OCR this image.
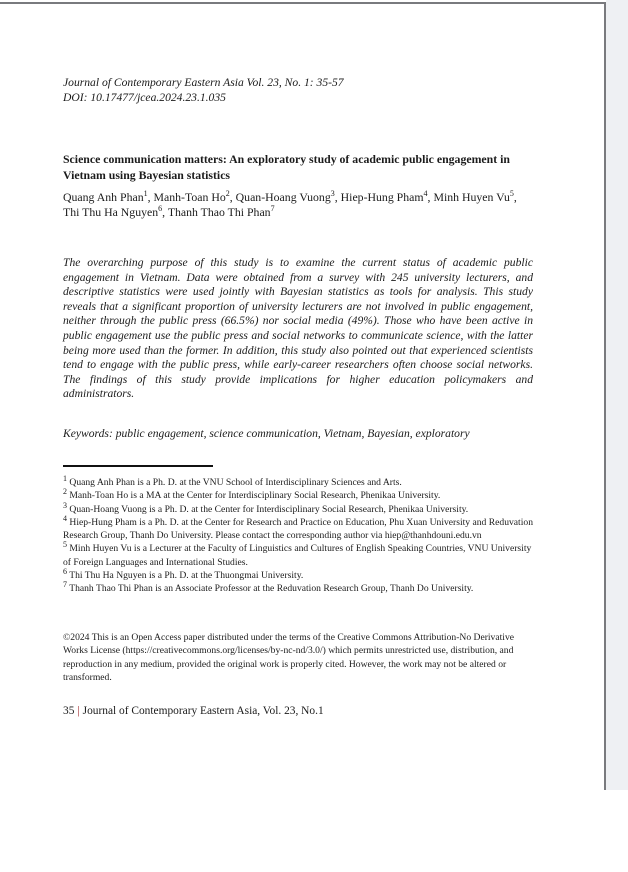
Journal of Contemporary Eastern Asia Vol. 23, No. 1: 35-57
DOI: 10.17477/jcea.2024.23.1.035
Science communication matters: An exploratory study of academic public engagement in Vietnam using Bayesian statistics
Quang Anh Phan$^1$, Manh-Toan Ho$^2$, Quan-Hoang Vuong$^3$, Hiep-Hung Pham$^4$, Minh Huyen Vu$^5$, Thi Thu Ha Nguyen$^6$, Thanh Thao Thi Phan$^7$
The overarching purpose of this study is to examine the current status of academic public engagement in Vietnam. Data were obtained from a survey with 245 university lecturers, and descriptive statistics were used jointly with Bayesian statistics as tools for analysis. This study reveals that a significant proportion of university lecturers are not involved in public engagement, neither through the public press (66.5%) nor social media (49%). Those who have been active in public engagement use the public press and social networks to communicate science, with the latter being more used than the former. In addition, this study also pointed out that experienced scientists tend to engage with the public press, while early-career researchers often choose social networks. The findings of this study provide implications for higher education policymakers and administrators.
Keywords: public engagement, science communication, Vietnam, Bayesian, exploratory
$^1$ Quang Anh Phan is a Ph. D. at the VNU School of Interdisciplinary Sciences and Arts.
$^2$ Manh-Toan Ho is a MA at the Center for Interdisciplinary Social Research, Phenikaa University.
$^3$ Quan-Hoang Vuong is a Ph. D. at the Center for Interdisciplinary Social Research, Phenikaa University.
$^4$ Hiep-Hung Pham is a Ph. D. at the Center for Research and Practice on Education, Phu Xuan University and Reduvation Research Group, Thanh Do University. Please contact the corresponding author via hiep@thanhdouni.edu.vn
$^5$ Minh Huyen Vu is a Lecturer at the Faculty of Linguistics and Cultures of English Speaking Countries, VNU University of Foreign Languages and International Studies.
$^6$ Thi Thu Ha Nguyen is a Ph. D. at the Thuongmai University.
$^7$ Thanh Thao Thi Phan is an Associate Professor at the Reduvation Research Group, Thanh Do University.
©2024 This is an Open Access paper distributed under the terms of the Creative Commons Attribution-No Derivative Works License (https://creativecommons.org/licenses/by-nc-nd/3.0/) which permits unrestricted use, distribution, and reproduction in any medium, provided the original work is properly cited. However, the work may not be altered or transformed.
35 | Journal of Contemporary Eastern Asia, Vol. 23, No.1
